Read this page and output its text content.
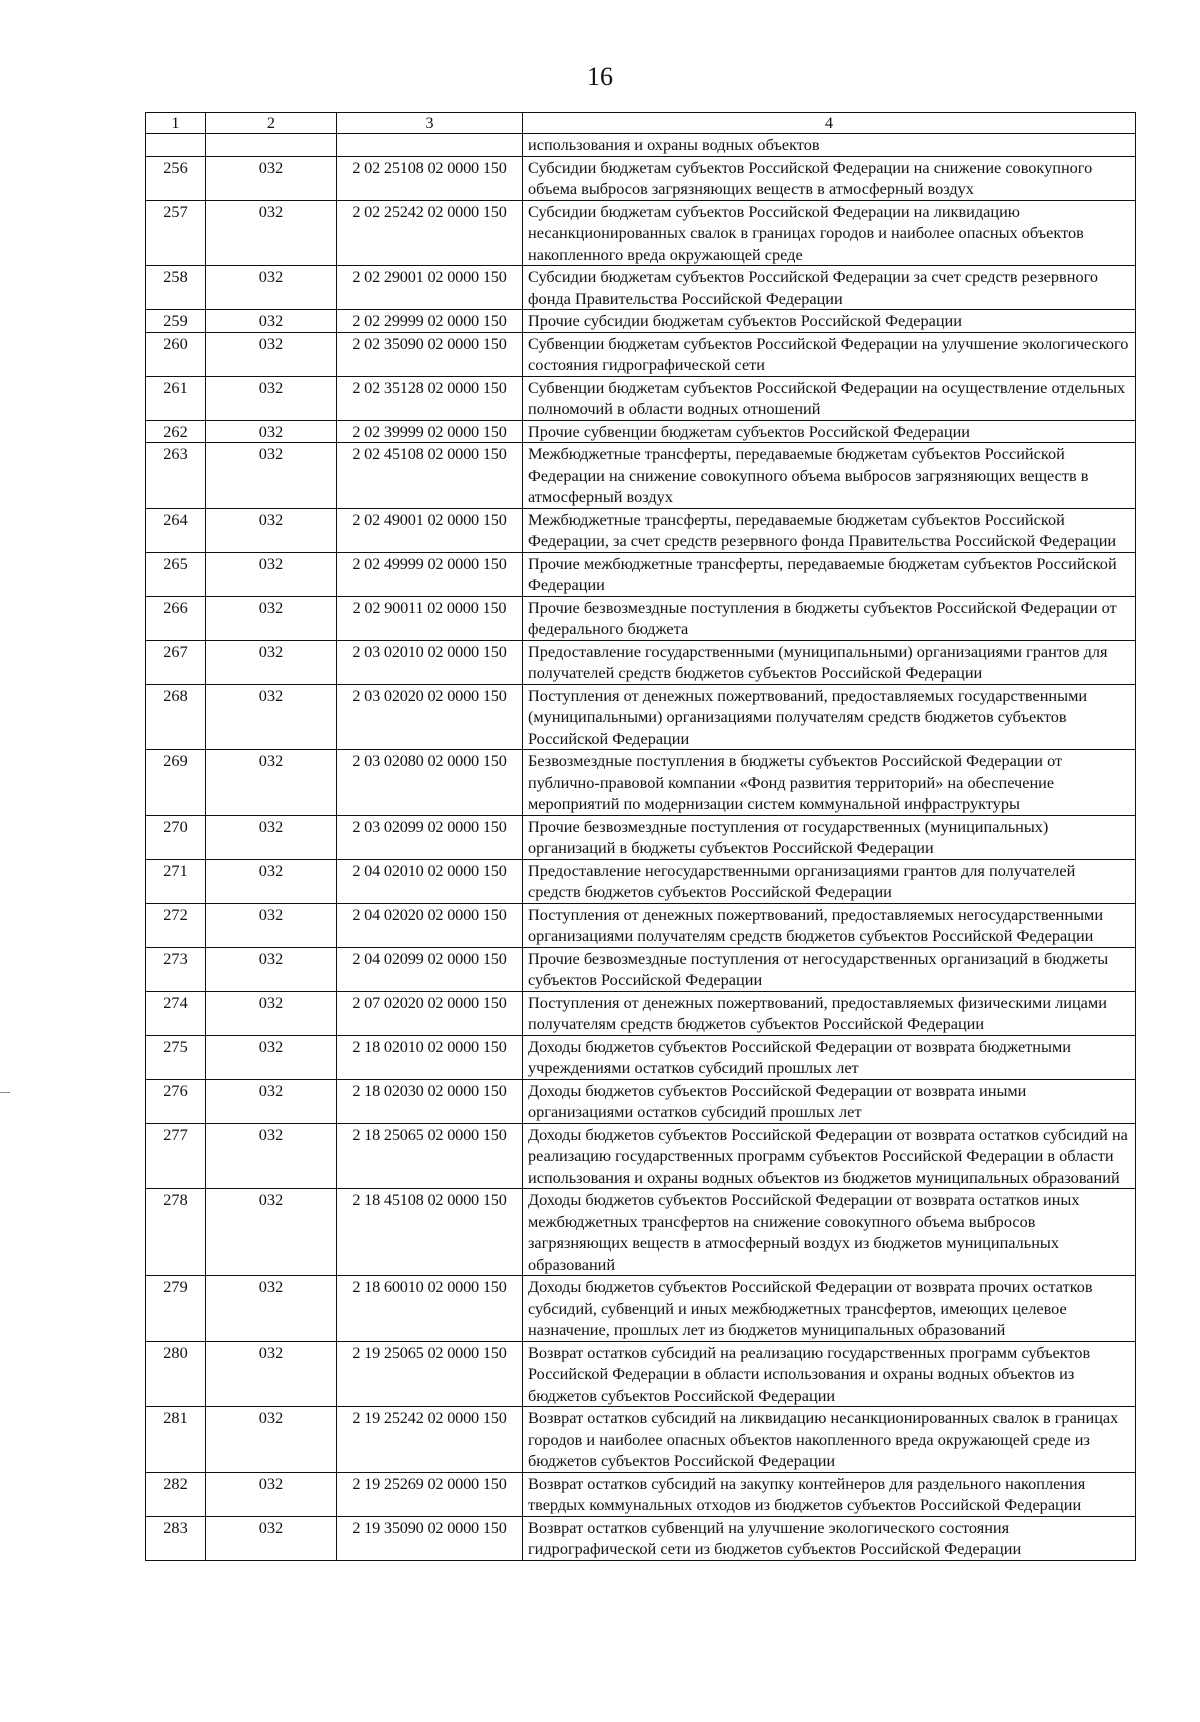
16
1	2	3	4
			использования и охраны водных объектов
256	032	2 02 25108 02 0000 150	Субсидии бюджетам субъектов Российской Федерации на снижение совокупного объема выбросов загрязняющих веществ в атмосферный воздух
257	032	2 02 25242 02 0000 150	Субсидии бюджетам субъектов Российской Федерации на ликвидацию несанкционированных свалок в границах городов и наиболее опасных объектов накопленного вреда окружающей среде
258	032	2 02 29001 02 0000 150	Субсидии бюджетам субъектов Российской Федерации за счет средств резервного фонда Правительства Российской Федерации
259	032	2 02 29999 02 0000 150	Прочие субсидии бюджетам субъектов Российской Федерации
260	032	2 02 35090 02 0000 150	Субвенции бюджетам субъектов Российской Федерации на улучшение экологического состояния гидрографической сети
261	032	2 02 35128 02 0000 150	Субвенции бюджетам субъектов Российской Федерации на осуществление отдельных полномочий в области водных отношений
262	032	2 02 39999 02 0000 150	Прочие субвенции бюджетам субъектов Российской Федерации
263	032	2 02 45108 02 0000 150	Межбюджетные трансферты, передаваемые бюджетам субъектов Российской Федерации на снижение совокупного объема выбросов загрязняющих веществ в атмосферный воздух
264	032	2 02 49001 02 0000 150	Межбюджетные трансферты, передаваемые бюджетам субъектов Российской Федерации, за счет средств резервного фонда Правительства Российской Федерации
265	032	2 02 49999 02 0000 150	Прочие межбюджетные трансферты, передаваемые бюджетам субъектов Российской Федерации
266	032	2 02 90011 02 0000 150	Прочие безвозмездные поступления в бюджеты субъектов Российской Федерации от федерального бюджета
267	032	2 03 02010 02 0000 150	Предоставление государственными (муниципальными) организациями грантов для получателей средств бюджетов субъектов Российской Федерации
268	032	2 03 02020 02 0000 150	Поступления от денежных пожертвований, предоставляемых государственными (муниципальными) организациями получателям средств бюджетов субъектов Российской Федерации
269	032	2 03 02080 02 0000 150	Безвозмездные поступления в бюджеты субъектов Российской Федерации от публично-правовой компании «Фонд развития территорий» на обеспечение мероприятий по модернизации систем коммунальной инфраструктуры
270	032	2 03 02099 02 0000 150	Прочие безвозмездные поступления от государственных (муниципальных) организаций в бюджеты субъектов Российской Федерации
271	032	2 04 02010 02 0000 150	Предоставление негосударственными организациями грантов для получателей средств бюджетов субъектов Российской Федерации
272	032	2 04 02020 02 0000 150	Поступления от денежных пожертвований, предоставляемых негосударственными организациями получателям средств бюджетов субъектов Российской Федерации
273	032	2 04 02099 02 0000 150	Прочие безвозмездные поступления от негосударственных организаций в бюджеты субъектов Российской Федерации
274	032	2 07 02020 02 0000 150	Поступления от денежных пожертвований, предоставляемых физическими лицами получателям средств бюджетов субъектов Российской Федерации
275	032	2 18 02010 02 0000 150	Доходы бюджетов субъектов Российской Федерации от возврата бюджетными учреждениями остатков субсидий прошлых лет
276	032	2 18 02030 02 0000 150	Доходы бюджетов субъектов Российской Федерации от возврата иными организациями остатков субсидий прошлых лет
277	032	2 18 25065 02 0000 150	Доходы бюджетов субъектов Российской Федерации от возврата остатков субсидий на реализацию государственных программ субъектов Российской Федерации в области использования и охраны водных объектов из бюджетов муниципальных образований
278	032	2 18 45108 02 0000 150	Доходы бюджетов субъектов Российской Федерации от возврата остатков иных межбюджетных трансфертов на снижение совокупного объема выбросов загрязняющих веществ в атмосферный воздух из бюджетов муниципальных образований
279	032	2 18 60010 02 0000 150	Доходы бюджетов субъектов Российской Федерации от возврата прочих остатков субсидий, субвенций и иных межбюджетных трансфертов, имеющих целевое назначение, прошлых лет из бюджетов муниципальных образований
280	032	2 19 25065 02 0000 150	Возврат остатков субсидий на реализацию государственных программ субъектов Российской Федерации в области использования и охраны водных объектов из бюджетов субъектов Российской Федерации
281	032	2 19 25242 02 0000 150	Возврат остатков субсидий на ликвидацию несанкционированных свалок в границах городов и наиболее опасных объектов накопленного вреда окружающей среде из бюджетов субъектов Российской Федерации
282	032	2 19 25269 02 0000 150	Возврат остатков субсидий на закупку контейнеров для раздельного накопления твердых коммунальных отходов из бюджетов субъектов Российской Федерации
283	032	2 19 35090 02 0000 150	Возврат остатков субвенций на улучшение экологического состояния гидрографической сети из бюджетов субъектов Российской Федерации
